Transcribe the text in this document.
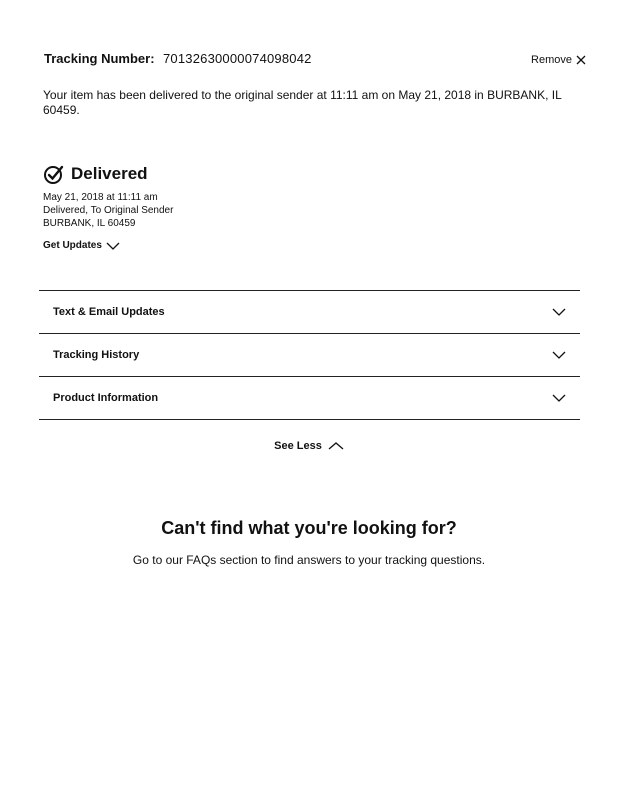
Tracking Number: 70132630000074098042	Remove
Your item has been delivered to the original sender at 11:11 am on May 21, 2018 in BURBANK, IL 60459.
Delivered
May 21, 2018 at 11:11 am
Delivered, To Original Sender
BURBANK, IL 60459
Get Updates
Text & Email Updates
Tracking History
Product Information
See Less
Can't find what you're looking for?
Go to our FAQs section to find answers to your tracking questions.
